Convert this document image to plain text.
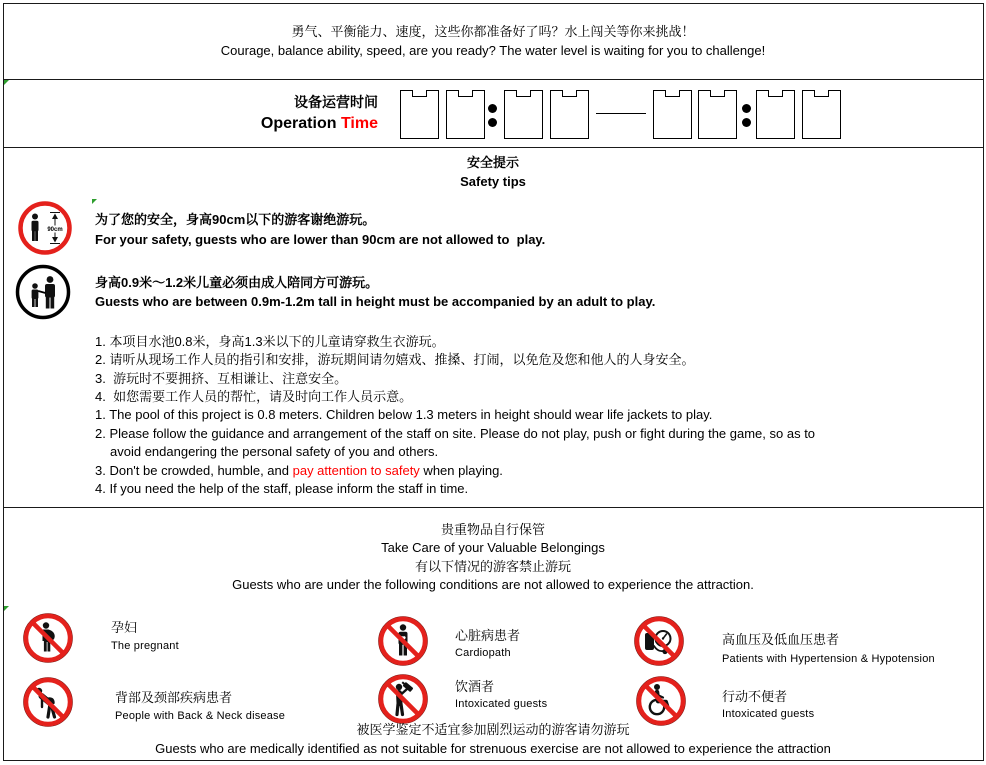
勇气、平衡能力、速度，这些你都准备好了吗？水上闯关等你来挑战！
Courage, balance ability, speed, are you ready? The water level is waiting for you to challenge!
设备运营时间
Operation Time
安全提示
Safety tips
90cm
为了您的安全，身高90cm以下的游客谢绝游玩。
For your safety, guests who are lower than 90cm are not allowed to  play.
身高0.9米～1.2米儿童必须由成人陪同方可游玩。
Guests who are between 0.9m-1.2m tall in height must be accompanied by an adult to play.
1. 本项目水池0.8米，身高1.3米以下的儿童请穿救生衣游玩。
2. 请听从现场工作人员的指引和安排，游玩期间请勿嬉戏、推搡、打闹，以免危及您和他人的人身安全。
3.  游玩时不要拥挤、互相谦让、注意安全。
4.  如您需要工作人员的帮忙，请及时向工作人员示意。
1. The pool of this project is 0.8 meters. Children below 1.3 meters in height should wear life jackets to play.
2. Please follow the guidance and arrangement of the staff on site. Please do not play, push or fight during the game, so as to
avoid endangering the personal safety of you and others.
3. Don't be crowded, humble, and pay attention to safety when playing.
4. If you need the help of the staff, please inform the staff in time.
贵重物品自行保管
Take Care of your Valuable Belongings
有以下情况的游客禁止游玩
Guests who are under the following conditions are not allowed to experience the attraction.
孕妇
The pregnant
心脏病患者
Cardiopath
高血压及低血压患者
Patients with Hypertension & Hypotension
背部及颈部疾病患者
People with Back & Neck disease
饮酒者
Intoxicated guests	行动不便者
Intoxicated guests
被医学鉴定不适宜参加剧烈运动的游客请勿游玩
Guests who are medically identified as not suitable for strenuous exercise are not allowed to experience the attraction
